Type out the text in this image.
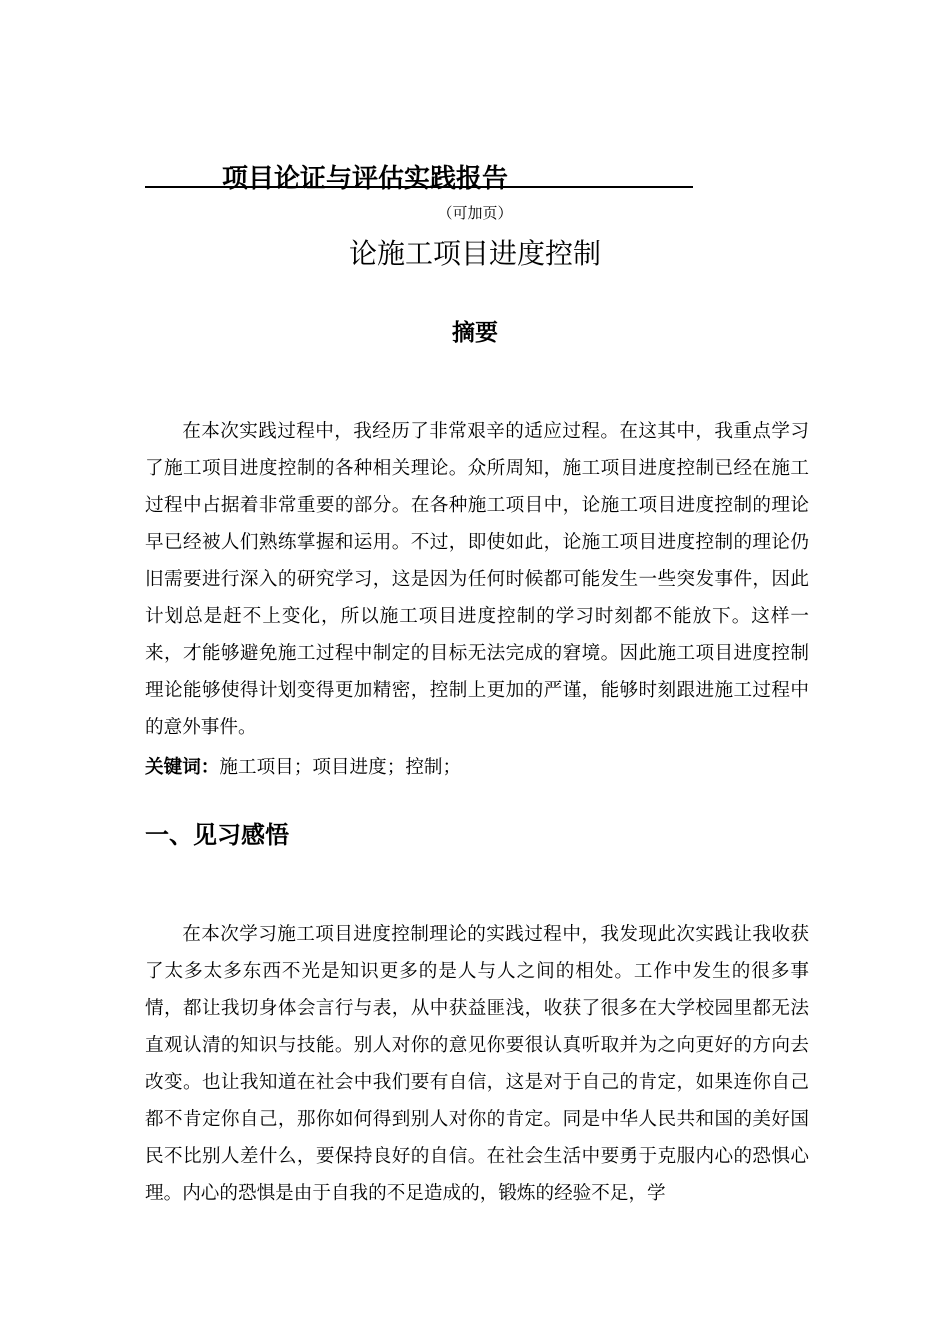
项目论证与评估实践报告
（可加页）
论施工项目进度控制
摘要
在本次实践过程中，我经历了非常艰辛的适应过程。在这其中，我重点学习了施工项目进度控制的各种相关理论。众所周知，施工项目进度控制已经在施工过程中占据着非常重要的部分。在各种施工项目中，论施工项目进度控制的理论早已经被人们熟练掌握和运用。不过，即使如此，论施工项目进度控制的理论仍旧需要进行深入的研究学习，这是因为任何时候都可能发生一些突发事件，因此计划总是赶不上变化，所以施工项目进度控制的学习时刻都不能放下。这样一来，才能够避免施工过程中制定的目标无法完成的窘境。因此施工项目进度控制理论能够使得计划变得更加精密，控制上更加的严谨，能够时刻跟进施工过程中的意外事件。
关键词：施工项目；项目进度；控制；
一、见习感悟
在本次学习施工项目进度控制理论的实践过程中，我发现此次实践让我收获了太多太多东西不光是知识更多的是人与人之间的相处。工作中发生的很多事情，都让我切身体会言行与表，从中获益匪浅，收获了很多在大学校园里都无法直观认清的知识与技能。别人对你的意见你要很认真听取并为之向更好的方向去改变。也让我知道在社会中我们要有自信，这是对于自己的肯定，如果连你自己都不肯定你自己，那你如何得到别人对你的肯定。同是中华人民共和国的美好国民不比别人差什么，要保持良好的自信。在社会生活中要勇于克服内心的恐惧心理。内心的恐惧是由于自我的不足造成的，锻炼的经验不足，学
